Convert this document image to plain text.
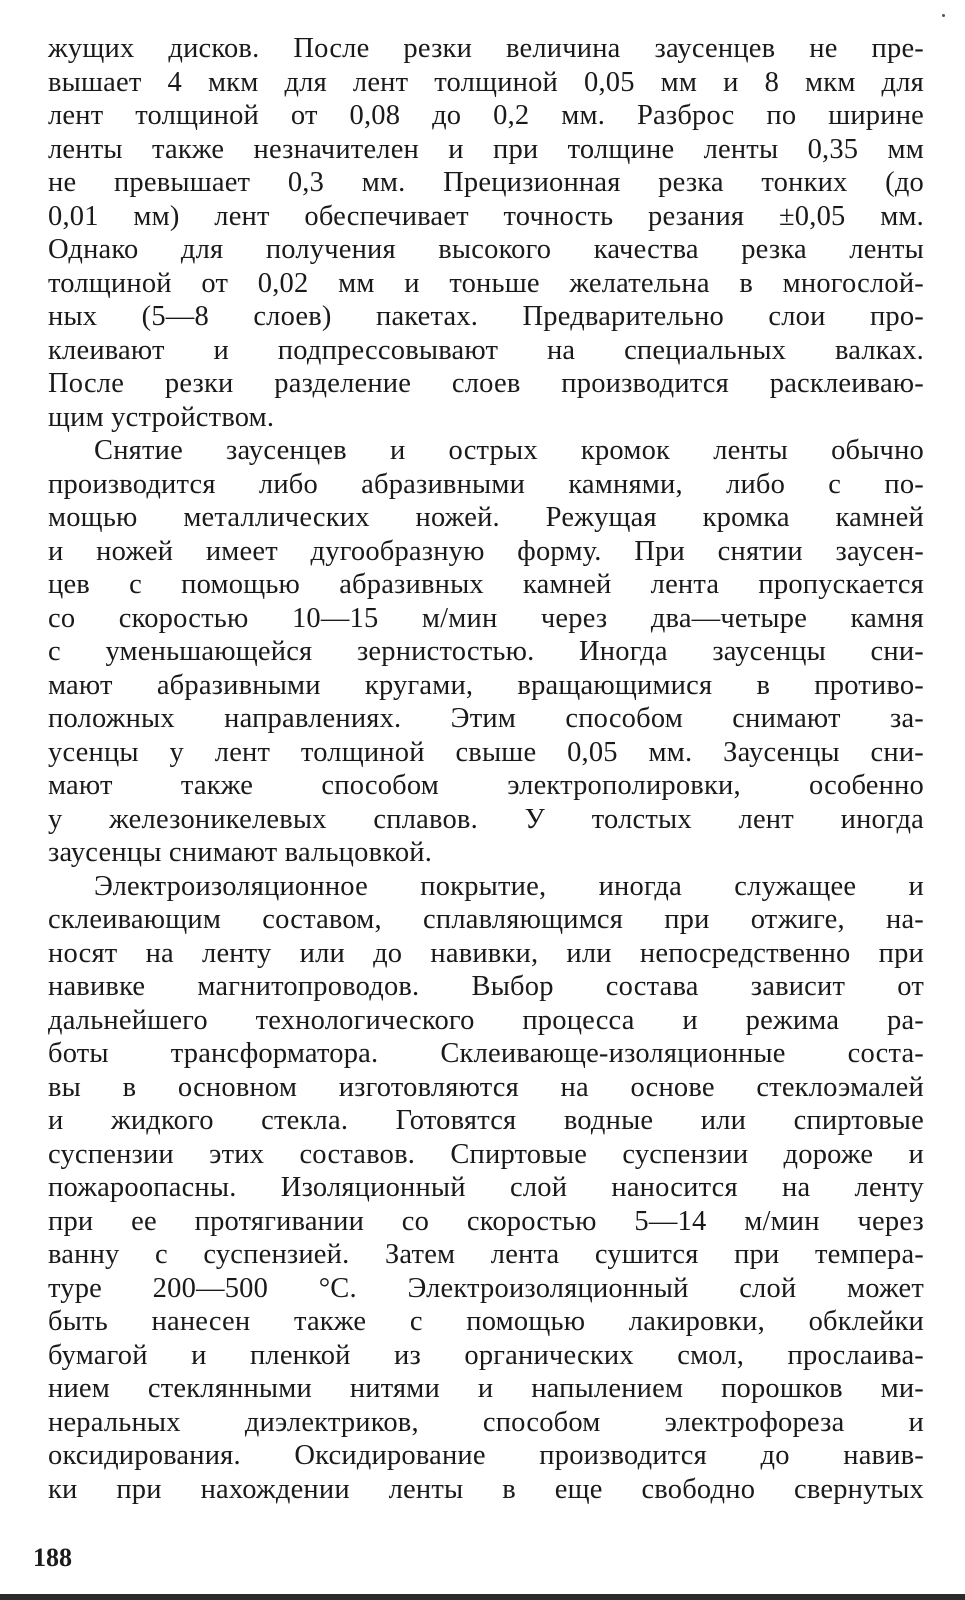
жущих дисков. После резки величина заусенцев не пре-
вышает 4 мкм для лент толщиной 0,05 мм и 8 мкм для
лент толщиной от 0,08 до 0,2 мм. Разброс по ширине
ленты также незначителен и при толщине ленты 0,35 мм
не превышает 0,3 мм. Прецизионная резка тонких (до
0,01 мм) лент обеспечивает точность резания ±0,05 мм.
Однако для получения высокого качества резка ленты
толщиной от 0,02 мм и тоньше желательна в многослой-
ных (5—8 слоев) пакетах. Предварительно слои про-
клеивают и подпрессовывают на специальных валках.
После резки разделение слоев производится расклеиваю-
щим устройством.
Снятие заусенцев и острых кромок ленты обычно
производится либо абразивными камнями, либо с по-
мощью металлических ножей. Режущая кромка камней
и ножей имеет дугообразную форму. При снятии заусен-
цев с помощью абразивных камней лента пропускается
со скоростью 10—15 м/мин через два—четыре камня
с уменьшающейся зернистостью. Иногда заусенцы сни-
мают абразивными кругами, вращающимися в противо-
положных направлениях. Этим способом снимают за-
усенцы у лент толщиной свыше 0,05 мм. Заусенцы сни-
мают также способом электрополировки, особенно
у железоникелевых сплавов. У толстых лент иногда
заусенцы снимают вальцовкой.
Электроизоляционное покрытие, иногда служащее и
склеивающим составом, сплавляющимся при отжиге, на-
носят на ленту или до навивки, или непосредственно при
навивке магнитопроводов. Выбор состава зависит от
дальнейшего технологического процесса и режима ра-
боты трансформатора. Склеивающе-изоляционные соста-
вы в основном изготовляются на основе стеклоэмалей
и жидкого стекла. Готовятся водные или спиртовые
суспензии этих составов. Спиртовые суспензии дороже и
пожароопасны. Изоляционный слой наносится на ленту
при ее протягивании со скоростью 5—14 м/мин через
ванну с суспензией. Затем лента сушится при темпера-
туре 200—500 °С. Электроизоляционный слой может
быть нанесен также с помощью лакировки, обклейки
бумагой и пленкой из органических смол, прослаива-
нием стеклянными нитями и напылением порошков ми-
неральных диэлектриков, способом электрофореза и
оксидирования. Оксидирование производится до навив-
ки при нахождении ленты в еще свободно свернутых
188
